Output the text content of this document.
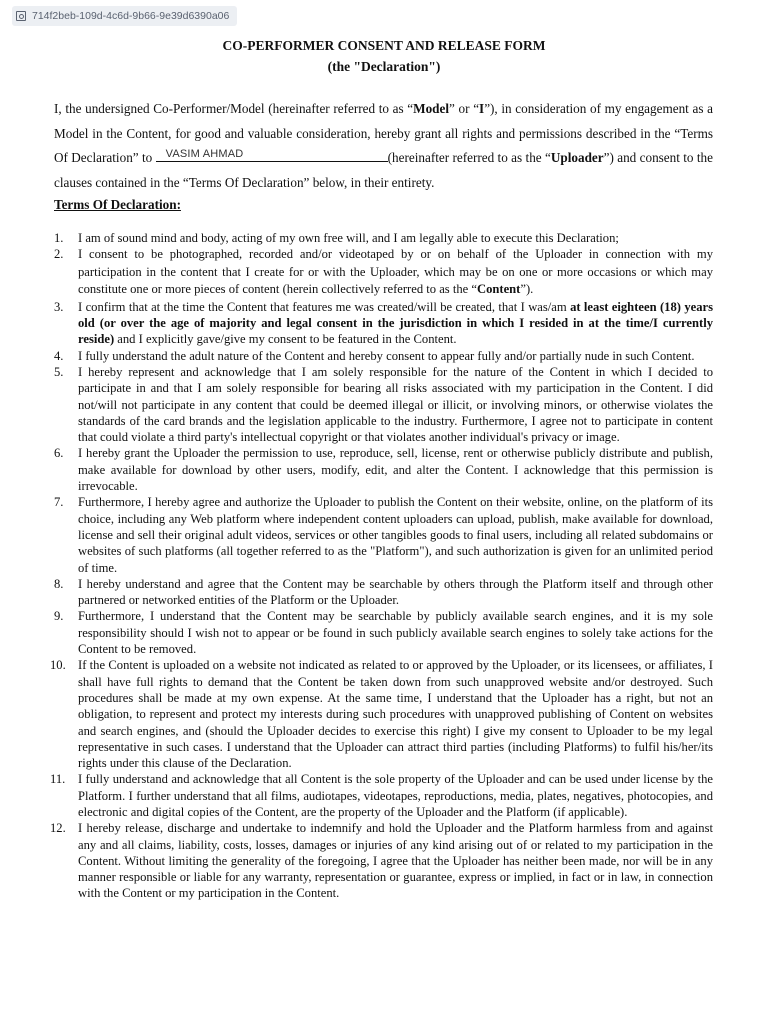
714f2beb-109d-4c6d-9b66-9e39d6390a06
CO-PERFORMER CONSENT AND RELEASE FORM
(the "Declaration")

I, the undersigned Co-Performer/Model (hereinafter referred to as “Model” or “I”), in consideration of my engagement as a Model in the Content, for good and valuable consideration, hereby grant all rights and permissions described in the “Terms Of Declaration” to VASIM AHMAD	(hereinafter referred to as the “Uploader”) and consent to the clauses contained in the “Terms Of Declaration” below, in their entirety.

Terms Of Declaration:
1. I am of sound mind and body, acting of my own free will, and I am legally able to execute this Declaration;
2. I consent to be photographed, recorded and/or videotaped by or on behalf of the Uploader in connection with my participation in the content that I create for or with the Uploader, which may be on one or more occasions or which may constitute one or more pieces of content (herein collectively referred to as the “Content”).
3. I confirm that at the time the Content that features me was created/will be created, that I was/am at least eighteen (18) years old (or over the age of majority and legal consent in the jurisdiction in which I resided in at the time/I currently reside) and I explicitly gave/give my consent to be featured in the Content.
4. I fully understand the adult nature of the Content and hereby consent to appear fully and/or partially nude in such Content.
5. I hereby represent and acknowledge that I am solely responsible for the nature of the Content in which I decided to participate in and that I am solely responsible for bearing all risks associated with my participation in the Content. I did not/will not participate in any content that could be deemed illegal or illicit, or involving minors, or otherwise violates the standards of the card brands and the legislation applicable to the industry. Furthermore, I agree not to participate in content that could violate a third party's intellectual copyright or that violates another individual's privacy or image.
6. I hereby grant the Uploader the permission to use, reproduce, sell, license, rent or otherwise publicly distribute and publish, make available for download by other users, modify, edit, and alter the Content. I acknowledge that this permission is irrevocable.
7. Furthermore, I hereby agree and authorize the Uploader to publish the Content on their website, online, on the platform of its choice, including any Web platform where independent content uploaders can upload, publish, make available for download, license and sell their original adult videos, services or other tangibles goods to final users, including all related subdomains or websites of such platforms (all together referred to as the "Platform"), and such authorization is given for an unlimited period of time.
8. I hereby understand and agree that the Content may be searchable by others through the Platform itself and through other partnered or networked entities of the Platform or the Uploader.
9. Furthermore, I understand that the Content may be searchable by publicly available search engines, and it is my sole responsibility should I wish not to appear or be found in such publicly available search engines to solely take actions for the Content to be removed.
10. If the Content is uploaded on a website not indicated as related to or approved by the Uploader, or its licensees, or affiliates, I shall have full rights to demand that the Content be taken down from such unapproved website and/or destroyed. Such procedures shall be made at my own expense. At the same time, I understand that the Uploader has a right, but not an obligation, to represent and protect my interests during such procedures with unapproved publishing of Content on websites and search engines, and (should the Uploader decides to exercise this right) I give my consent to Uploader to be my legal representative in such cases. I understand that the Uploader can attract third parties (including Platforms) to fulfil his/her/its rights under this clause of the Declaration.
11. I fully understand and acknowledge that all Content is the sole property of the Uploader and can be used under license by the Platform. I further understand that all films, audiotapes, videotapes, reproductions, media, plates, negatives, photocopies, and electronic and digital copies of the Content, are the property of the Uploader and the Platform (if applicable).
12. I hereby release, discharge and undertake to indemnify and hold the Uploader and the Platform harmless from and against any and all claims, liability, costs, losses, damages or injuries of any kind arising out of or related to my participation in the Content. Without limiting the generality of the foregoing, I agree that the Uploader has neither been made, nor will be in any manner responsible or liable for any warranty, representation or guarantee, express or implied, in fact or in law, in connection with the Content or my participation in the Content.
